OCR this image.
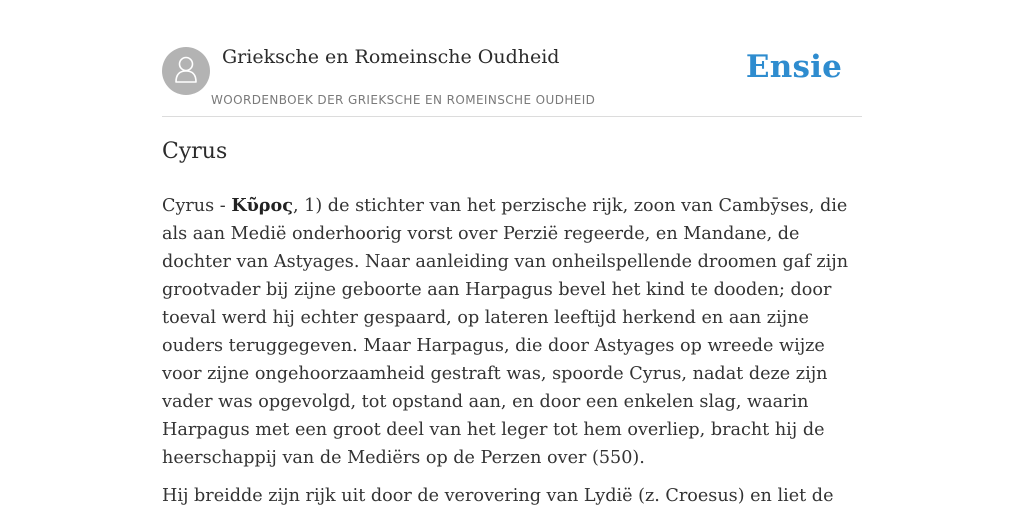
Grieksche en Romeinsche Oudheid
WOORDENBOEK DER GRIEKSCHE EN ROMEINSCHE OUDHEID
Ensie
Cyrus

Cyrus - Κῦρος, 1) de stichter van het perzische rijk, zoon van Cambȳses, die als aan Medië onderhoorig vorst over Perzië regeerde, en Mandane, de dochter van Astyages. Naar aanleiding van onheilspellende droomen gaf zijn grootvader bij zijne geboorte aan Harpagus bevel het kind te dooden; door toeval werd hij echter gespaard, op lateren leeftijd herkend en aan zijne ouders teruggegeven. Maar Harpagus, die door Astyages op wreede wijze voor zijne ongehoorzaamheid gestraft was, spoorde Cyrus, nadat deze zijn vader was opgevolgd, tot opstand aan, en door een enkelen slag, waarin Harpagus met een groot deel van het leger tot hem overliep, bracht hij de heerschappij van de Mediërs op de Perzen over (550).

Hij breidde zijn rijk uit door de verovering van Lydië (z. Croesus) en liet de
